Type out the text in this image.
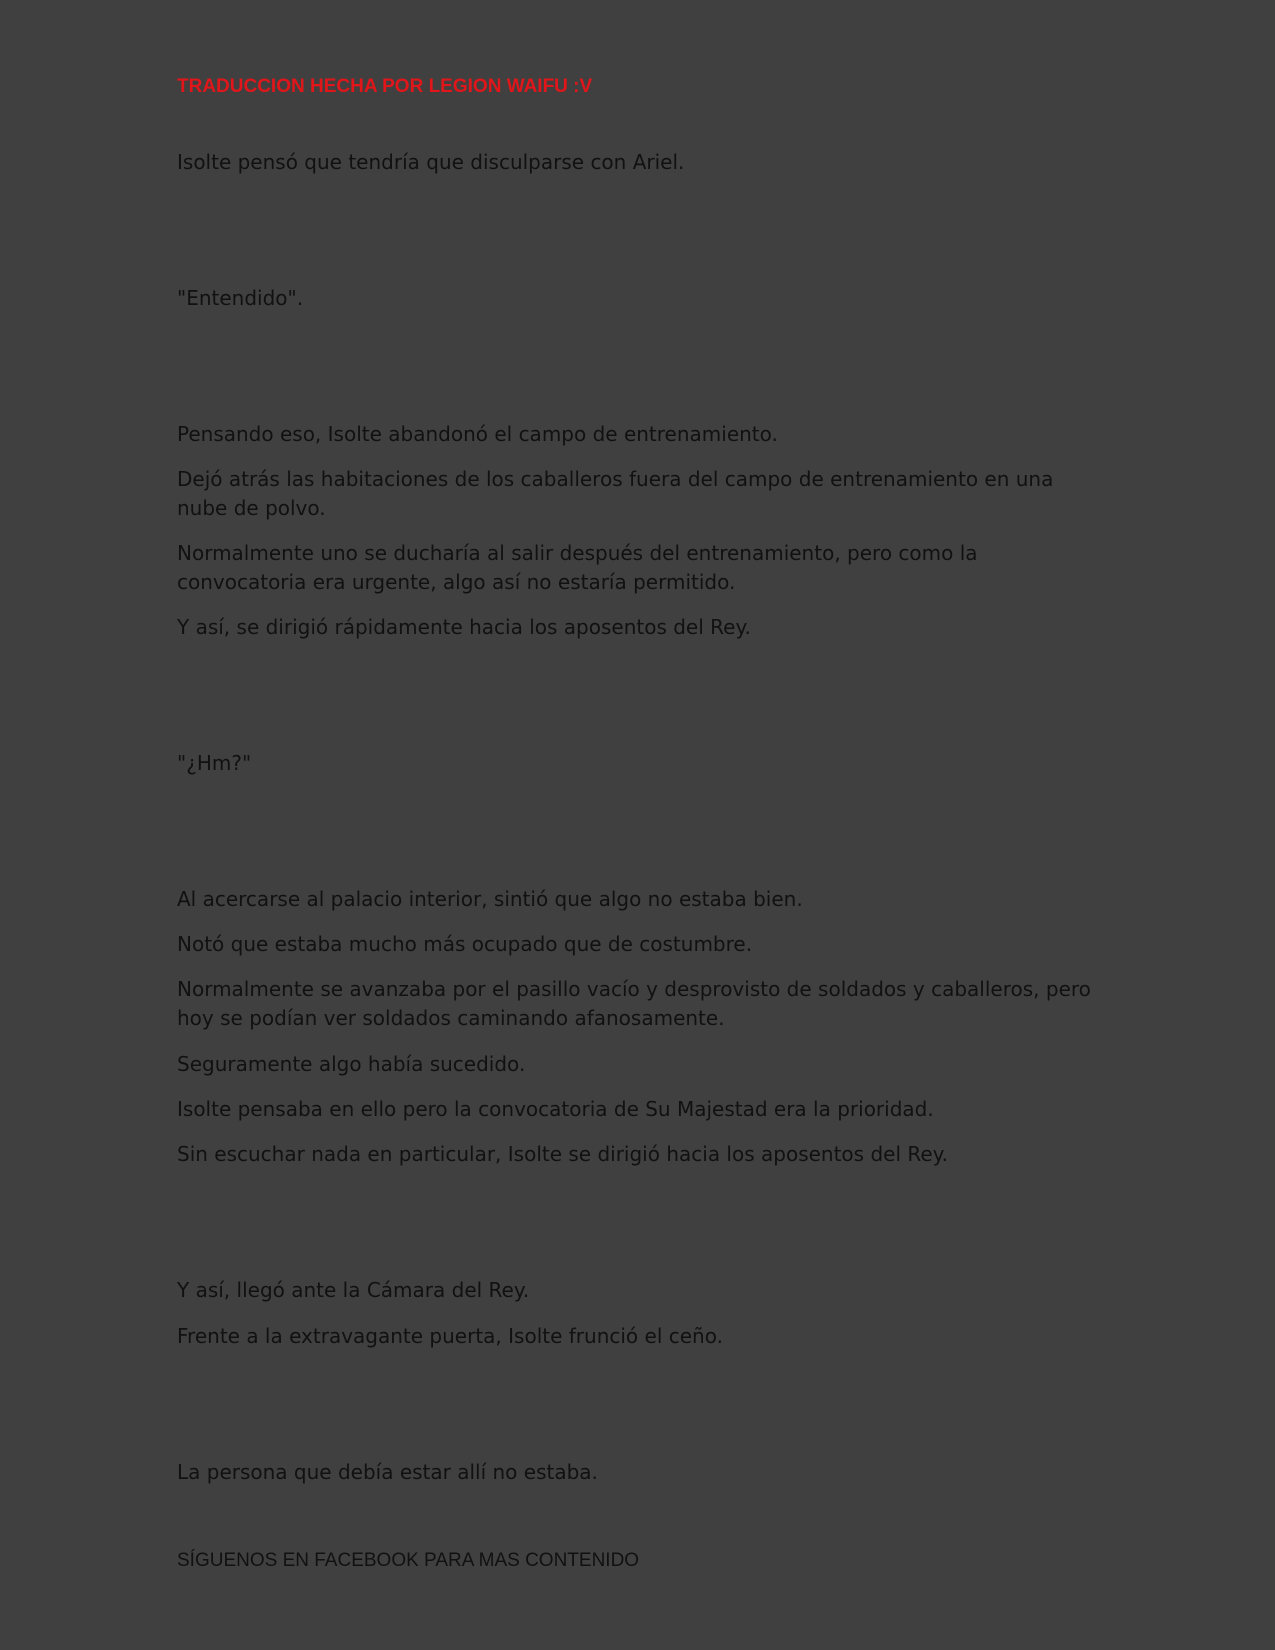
TRADUCCION HECHA POR LEGION WAIFU :V
Isolte pensó que tendría que disculparse con Ariel.
"Entendido".
Pensando eso, Isolte abandonó el campo de entrenamiento.
Dejó atrás las habitaciones de los caballeros fuera del campo de entrenamiento en una nube de polvo.
Normalmente uno se ducharía al salir después del entrenamiento, pero como la convocatoria era urgente, algo así no estaría permitido.
Y así, se dirigió rápidamente hacia los aposentos del Rey.
"¿Hm?"
Al acercarse al palacio interior, sintió que algo no estaba bien.
Notó que estaba mucho más ocupado que de costumbre.
Normalmente se avanzaba por el pasillo vacío y desprovisto de soldados y caballeros, pero hoy se podían ver soldados caminando afanosamente.
Seguramente algo había sucedido.
Isolte pensaba en ello pero la convocatoria de Su Majestad era la prioridad.
Sin escuchar nada en particular, Isolte se dirigió hacia los aposentos del Rey.
Y así, llegó ante la Cámara del Rey.
Frente a la extravagante puerta, Isolte frunció el ceño.
La persona que debía estar allí no estaba.
SÍGUENOS EN FACEBOOK PARA MAS CONTENIDO
